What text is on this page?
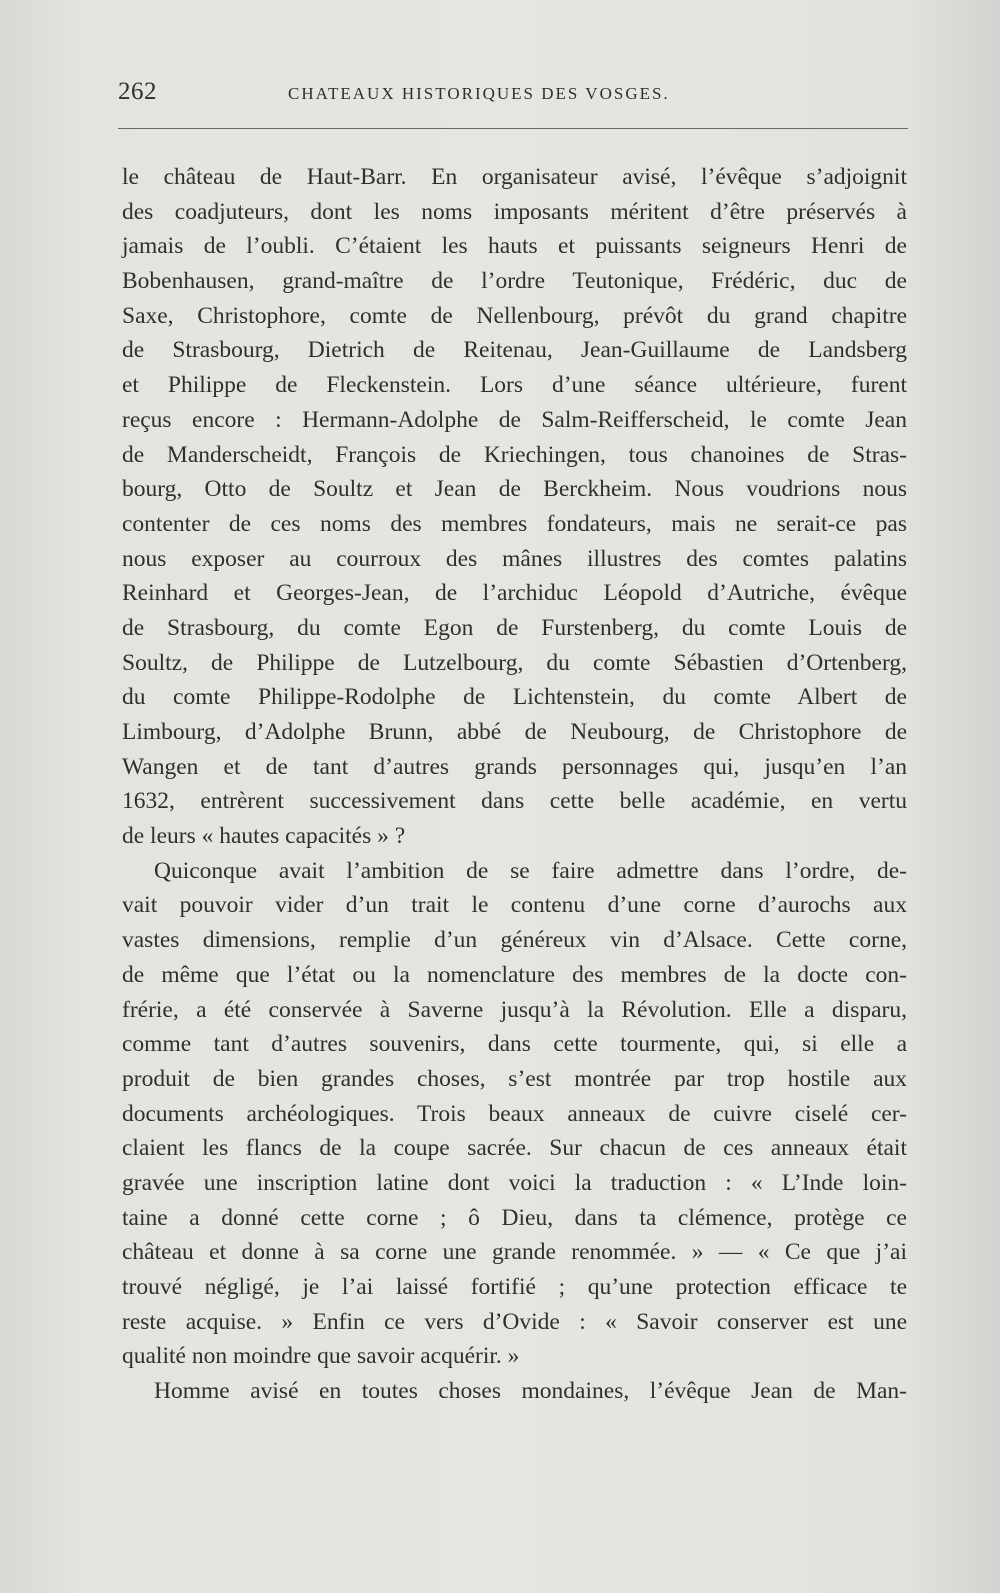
262	CHATEAUX HISTORIQUES DES VOSGES.
le château de Haut-Barr. En organisateur avisé, l’évêque s’adjoignit
des coadjuteurs, dont les noms imposants méritent d’être préservés à
jamais de l’oubli. C’étaient les hauts et puissants seigneurs Henri de
Bobenhausen, grand-maître de l’ordre Teutonique, Frédéric, duc de
Saxe, Christophore, comte de Nellenbourg, prévôt du grand chapitre
de Strasbourg, Dietrich de Reitenau, Jean-Guillaume de Landsberg
et Philippe de Fleckenstein. Lors d’une séance ultérieure, furent
reçus encore : Hermann-Adolphe de Salm-Reifferscheid, le comte Jean
de Manderscheidt, François de Kriechingen, tous chanoines de Stras-
bourg, Otto de Soultz et Jean de Berckheim. Nous voudrions nous
contenter de ces noms des membres fondateurs, mais ne serait-ce pas
nous exposer au courroux des mânes illustres des comtes palatins
Reinhard et Georges-Jean, de l’archiduc Léopold d’Autriche, évêque
de Strasbourg, du comte Egon de Furstenberg, du comte Louis de
Soultz, de Philippe de Lutzelbourg, du comte Sébastien d’Ortenberg,
du comte Philippe-Rodolphe de Lichtenstein, du comte Albert de
Limbourg, d’Adolphe Brunn, abbé de Neubourg, de Christophore de
Wangen et de tant d’autres grands personnages qui, jusqu’en l’an
1632, entrèrent successivement dans cette belle académie, en vertu
de leurs « hautes capacités » ?
Quiconque avait l’ambition de se faire admettre dans l’ordre, de-
vait pouvoir vider d’un trait le contenu d’une corne d’aurochs aux
vastes dimensions, remplie d’un généreux vin d’Alsace. Cette corne,
de même que l’état ou la nomenclature des membres de la docte con-
frérie, a été conservée à Saverne jusqu’à la Révolution. Elle a disparu,
comme tant d’autres souvenirs, dans cette tourmente, qui, si elle a
produit de bien grandes choses, s’est montrée par trop hostile aux
documents archéologiques. Trois beaux anneaux de cuivre ciselé cer-
claient les flancs de la coupe sacrée. Sur chacun de ces anneaux était
gravée une inscription latine dont voici la traduction : « L’Inde loin-
taine a donné cette corne ; ô Dieu, dans ta clémence, protège ce
château et donne à sa corne une grande renommée. » — « Ce que j’ai
trouvé négligé, je l’ai laissé fortifié ; qu’une protection efficace te
reste acquise. » Enfin ce vers d’Ovide : « Savoir conserver est une
qualité non moindre que savoir acquérir. »
Homme avisé en toutes choses mondaines, l’évêque Jean de Man-
